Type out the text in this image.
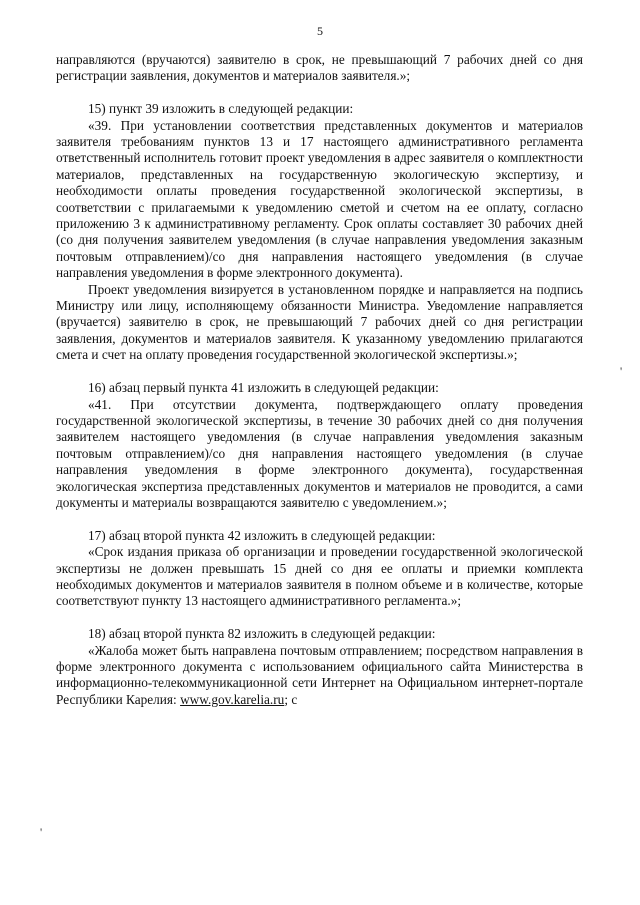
5

направляются (вручаются) заявителю в срок, не превышающий 7 рабочих дней со дня регистрации заявления, документов и материалов заявителя.»;

15) пункт 39 изложить в следующей редакции:

«39. При установлении соответствия представленных документов и материалов заявителя требованиям пунктов 13 и 17 настоящего административного регламента ответственный исполнитель готовит проект уведомления в адрес заявителя о комплектности материалов, представленных на государственную экологическую экспертизу, и необходимости оплаты проведения государственной экологической экспертизы, в соответствии с прилагаемыми к уведомлению сметой и счетом на ее оплату, согласно приложению 3 к административному регламенту. Срок оплаты составляет 30 рабочих дней (со дня получения заявителем уведомления (в случае направления уведомления заказным почтовым отправлением)/со дня направления настоящего уведомления (в случае направления уведомления в форме электронного документа).

Проект уведомления визируется в установленном порядке и направляется на подпись Министру или лицу, исполняющему обязанности Министра. Уведомление направляется (вручается) заявителю в срок, не превышающий 7 рабочих дней со дня регистрации заявления, документов и материалов заявителя. К указанному уведомлению прилагаются смета и счет на оплату проведения государственной экологической экспертизы.»;

16) абзац первый пункта 41 изложить в следующей редакции:

«41. При отсутствии документа, подтверждающего оплату проведения государственной экологической экспертизы, в течение 30 рабочих дней со дня получения заявителем настоящего уведомления (в случае направления уведомления заказным почтовым отправлением)/со дня направления настоящего уведомления (в случае направления уведомления в форме электронного документа), государственная экологическая экспертиза представленных документов и материалов не проводится, а сами документы и материалы возвращаются заявителю с уведомлением.»;

17) абзац второй пункта 42 изложить в следующей редакции:

«Срок издания приказа об организации и проведении государственной экологической экспертизы не должен превышать 15 дней со дня ее оплаты и приемки комплекта необходимых документов и материалов заявителя в полном объеме и в количестве, которые соответствуют пункту 13 настоящего административного регламента.»;

18) абзац второй пункта 82 изложить в следующей редакции:

«Жалоба может быть направлена почтовым отправлением; посредством направления в форме электронного документа с использованием официального сайта Министерства в информационно-телекоммуникационной сети Интернет на Официальном интернет-портале Республики Карелия: www.gov.karelia.ru; с

'
'
